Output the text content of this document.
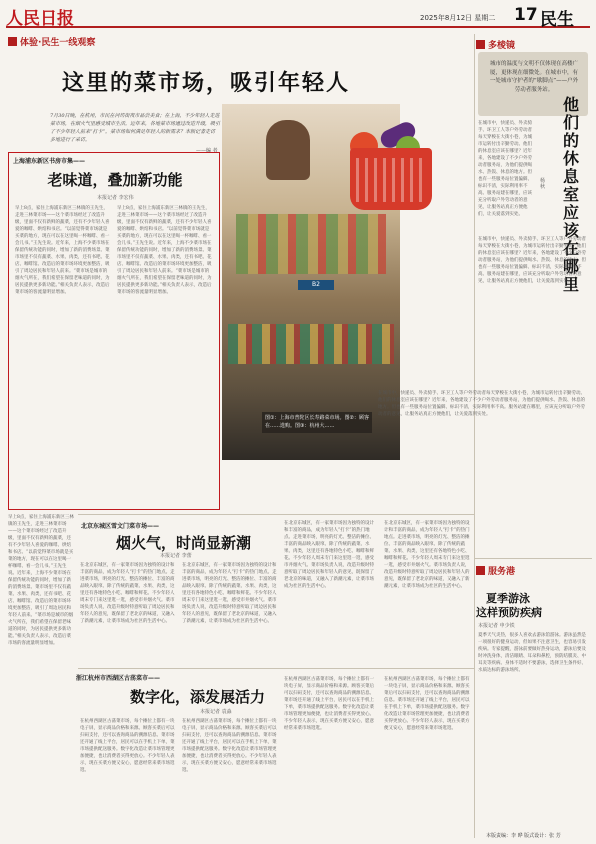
人民日报	2025年8月12日 星期二 17 民生
体验·民生一线观察
这里的菜市场，吸引年轻人
7月30日晚，在杭州，市民在河坊街夜市品尝美食；在上海，不少年轻人走进菜市场，在烟火气里感受城市生活。近年来，各地菜市场通过改造升级，吸引了不少年轻人前来“打卡”。菜市场如何满足年轻人的新需求？本版记者走访多地进行了采访。
——编 者
B2
图①：上海市普陀区长寿路菜市场。图②：顾客在……选购。图③：杭州大……
上海浦东新区书房市集——
老味道，叠加新功能
本报记者 李宏伟
早上8点，家住上海浦东新区三林镇的王先生，走进三林菜市场——这个菜市场经过了改造升级，里面不仅有新鲜的蔬菜，还有不少年轻人喜爱的咖啡、烘焙和书店。“以前觉得菜市场就是买菜的地方，现在可以在这里喝一杯咖啡、看一会儿书。”王先生说。近年来，上海不少菜市场在保留传统功能的同时，增加了新的消费场景。菜市场里不仅有蔬菜、水果、肉类，还有书吧、花店、咖啡馆。改造后的菜市场环境更加整洁，吸引了周边居民和年轻人前来。“菜市场是城市的烟火气所在，我们希望在保留老味道的同时，为居民提供更多新功能。”相关负责人表示，改造后菜市场的客流量明显增加。
早上8点，家住上海浦东新区三林镇的王先生，走进三林菜市场——这个菜市场经过了改造升级，里面不仅有新鲜的蔬菜，还有不少年轻人喜爱的咖啡、烘焙和书店。“以前觉得菜市场就是买菜的地方，现在可以在这里喝一杯咖啡、看一会儿书。”王先生说。近年来，上海不少菜市场在保留传统功能的同时，增加了新的消费场景。菜市场里不仅有蔬菜、水果、肉类，还有书吧、花店、咖啡馆。改造后的菜市场环境更加整洁，吸引了周边居民和年轻人前来。“菜市场是城市的烟火气所在，我们希望在保留老味道的同时，为居民提供更多新功能。”相关负责人表示，改造后菜市场的客流量明显增加。
早上8点，家住上海浦东新区三林镇的王先生，走进三林菜市场——这个菜市场经过了改造升级，里面不仅有新鲜的蔬菜，还有不少年轻人喜爱的咖啡、烘焙和书店。“以前觉得菜市场就是买菜的地方，现在可以在这里喝一杯咖啡、看一会儿书。”王先生说。近年来，上海不少菜市场在保留传统功能的同时，增加了新的消费场景。菜市场里不仅有蔬菜、水果、肉类，还有书吧、花店、咖啡馆。改造后的菜市场环境更加整洁，吸引了周边居民和年轻人前来。“菜市场是城市的烟火气所在，我们希望在保留老味道的同时，为居民提供更多新功能。”相关负责人表示，改造后菜市场的客流量明显增加。
北京东城区雪文门菜市场——
烟火气，时尚显新潮
本报记者 李蕾
在北京东城区，有一家菜市场因为独特的设计和丰富的商品，成为年轻人“打卡”的热门地点。走进菜市场，明亮的灯光、整洁的摊位、丰富的商品映入眼帘。除了传统的蔬菜、水果、肉类，这里还有各地特色小吃、咖啡和鲜花。不少年轻人周末专门来这里逛一逛，感受市井烟火气。菜市场负责人说，改造升级时特意听取了周边居民和年轻人的意见，既保留了老北京的味道，又融入了新潮元素，让菜市场成为社区的生活中心。
在北京东城区，有一家菜市场因为独特的设计和丰富的商品，成为年轻人“打卡”的热门地点。走进菜市场，明亮的灯光、整洁的摊位、丰富的商品映入眼帘。除了传统的蔬菜、水果、肉类，这里还有各地特色小吃、咖啡和鲜花。不少年轻人周末专门来这里逛一逛，感受市井烟火气。菜市场负责人说，改造升级时特意听取了周边居民和年轻人的意见，既保留了老北京的味道，又融入了新潮元素，让菜市场成为社区的生活中心。
在北京东城区，有一家菜市场因为独特的设计和丰富的商品，成为年轻人“打卡”的热门地点。走进菜市场，明亮的灯光、整洁的摊位、丰富的商品映入眼帘。除了传统的蔬菜、水果、肉类，这里还有各地特色小吃、咖啡和鲜花。不少年轻人周末专门来这里逛一逛，感受市井烟火气。菜市场负责人说，改造升级时特意听取了周边居民和年轻人的意见，既保留了老北京的味道，又融入了新潮元素，让菜市场成为社区的生活中心。
在北京东城区，有一家菜市场因为独特的设计和丰富的商品，成为年轻人“打卡”的热门地点。走进菜市场，明亮的灯光、整洁的摊位、丰富的商品映入眼帘。除了传统的蔬菜、水果、肉类，这里还有各地特色小吃、咖啡和鲜花。不少年轻人周末专门来这里逛一逛，感受市井烟火气。菜市场负责人说，改造升级时特意听取了周边居民和年轻人的意见，既保留了老北京的味道，又融入了新潮元素，让菜市场成为社区的生活中心。
浙江杭州市西湖区古荡菜市——
数字化，添发展活力
本报记者 袁淼
在杭州西湖区古荡菜市场，每个摊位上都有一块电子屏，显示商品价格和来源。顾客买菜后可以扫码支付，还可以查询商品的溯源信息。菜市场还开通了线上平台，居民可以在手机上下单，菜市场提供配送服务。数字化改造让菜市场管理更加便捷，也让消费者买得更放心。不少年轻人表示，现在买菜方便又安心，愿意经常来菜市场逛逛。
在杭州西湖区古荡菜市场，每个摊位上都有一块电子屏，显示商品价格和来源。顾客买菜后可以扫码支付，还可以查询商品的溯源信息。菜市场还开通了线上平台，居民可以在手机上下单，菜市场提供配送服务。数字化改造让菜市场管理更加便捷，也让消费者买得更放心。不少年轻人表示，现在买菜方便又安心，愿意经常来菜市场逛逛。
在杭州西湖区古荡菜市场，每个摊位上都有一块电子屏，显示商品价格和来源。顾客买菜后可以扫码支付，还可以查询商品的溯源信息。菜市场还开通了线上平台，居民可以在手机上下单，菜市场提供配送服务。数字化改造让菜市场管理更加便捷，也让消费者买得更放心。不少年轻人表示，现在买菜方便又安心，愿意经常来菜市场逛逛。
在杭州西湖区古荡菜市场，每个摊位上都有一块电子屏，显示商品价格和来源。顾客买菜后可以扫码支付，还可以查询商品的溯源信息。菜市场还开通了线上平台，居民可以在手机上下单，菜市场提供配送服务。数字化改造让菜市场管理更加便捷，也让消费者买得更放心。不少年轻人表示，现在买菜方便又安心，愿意经常来菜市场逛逛。
多棱镜

城市的温度与文明不仅体现在高楼广厦，更体现在细微处。在城市中，有一处城市守护者的“歇脚点”——户外劳动者服务站。

在城市中，快递员、外卖骑手、环卫工人等户外劳动者每天穿梭在大街小巷，为城市运转付出辛勤劳动。他们的休息室应该在哪里？近年来，各地建设了不少户外劳动者服务站，为他们提供喝水、热饭、休息的地方。但也有一些服务站位置偏僻、标识不清，实际利用率不高。服务站建在哪里，应该充分听取户外劳动者的意见，让服务站真正方便他们，让关爱落到实处。
杨 秋
他们的休息室应该在哪里
在城市中，快递员、外卖骑手、环卫工人等户外劳动者每天穿梭在大街小巷，为城市运转付出辛勤劳动。他们的休息室应该在哪里？近年来，各地建设了不少户外劳动者服务站，为他们提供喝水、热饭、休息的地方。但也有一些服务站位置偏僻、标识不清，实际利用率不高。服务站建在哪里，应该充分听取户外劳动者的意见，让服务站真正方便他们，让关爱落到实处。
在城市中，快递员、外卖骑手、环卫工人等户外劳动者每天穿梭在大街小巷，为城市运转付出辛勤劳动。他们的休息室应该在哪里？近年来，各地建设了不少户外劳动者服务站，为他们提供喝水、热饭、休息的地方。但也有一些服务站位置偏僻、标识不清，实际利用率不高。服务站建在哪里，应该充分听取户外劳动者的意见，让服务站真正方便他们，让关爱落到实处。
服务港
夏季游泳
这样预防疾病
本报记者 申少铁
夏季天气炎热，很多人喜欢去游泳馆游泳。游泳虽然是一项很好的健身运动，但如果不注意卫生，也容易引发疾病。专家提醒，游泳前要做好热身运动，游泳后要及时冲洗身体，清洁眼睛、耳朵和鼻腔，预防结膜炎、中耳炎等疾病。身体不适时不要游泳，选择卫生条件好、水质达标的游泳场所。
本版责编：李 晔 版式设计：张 芳
